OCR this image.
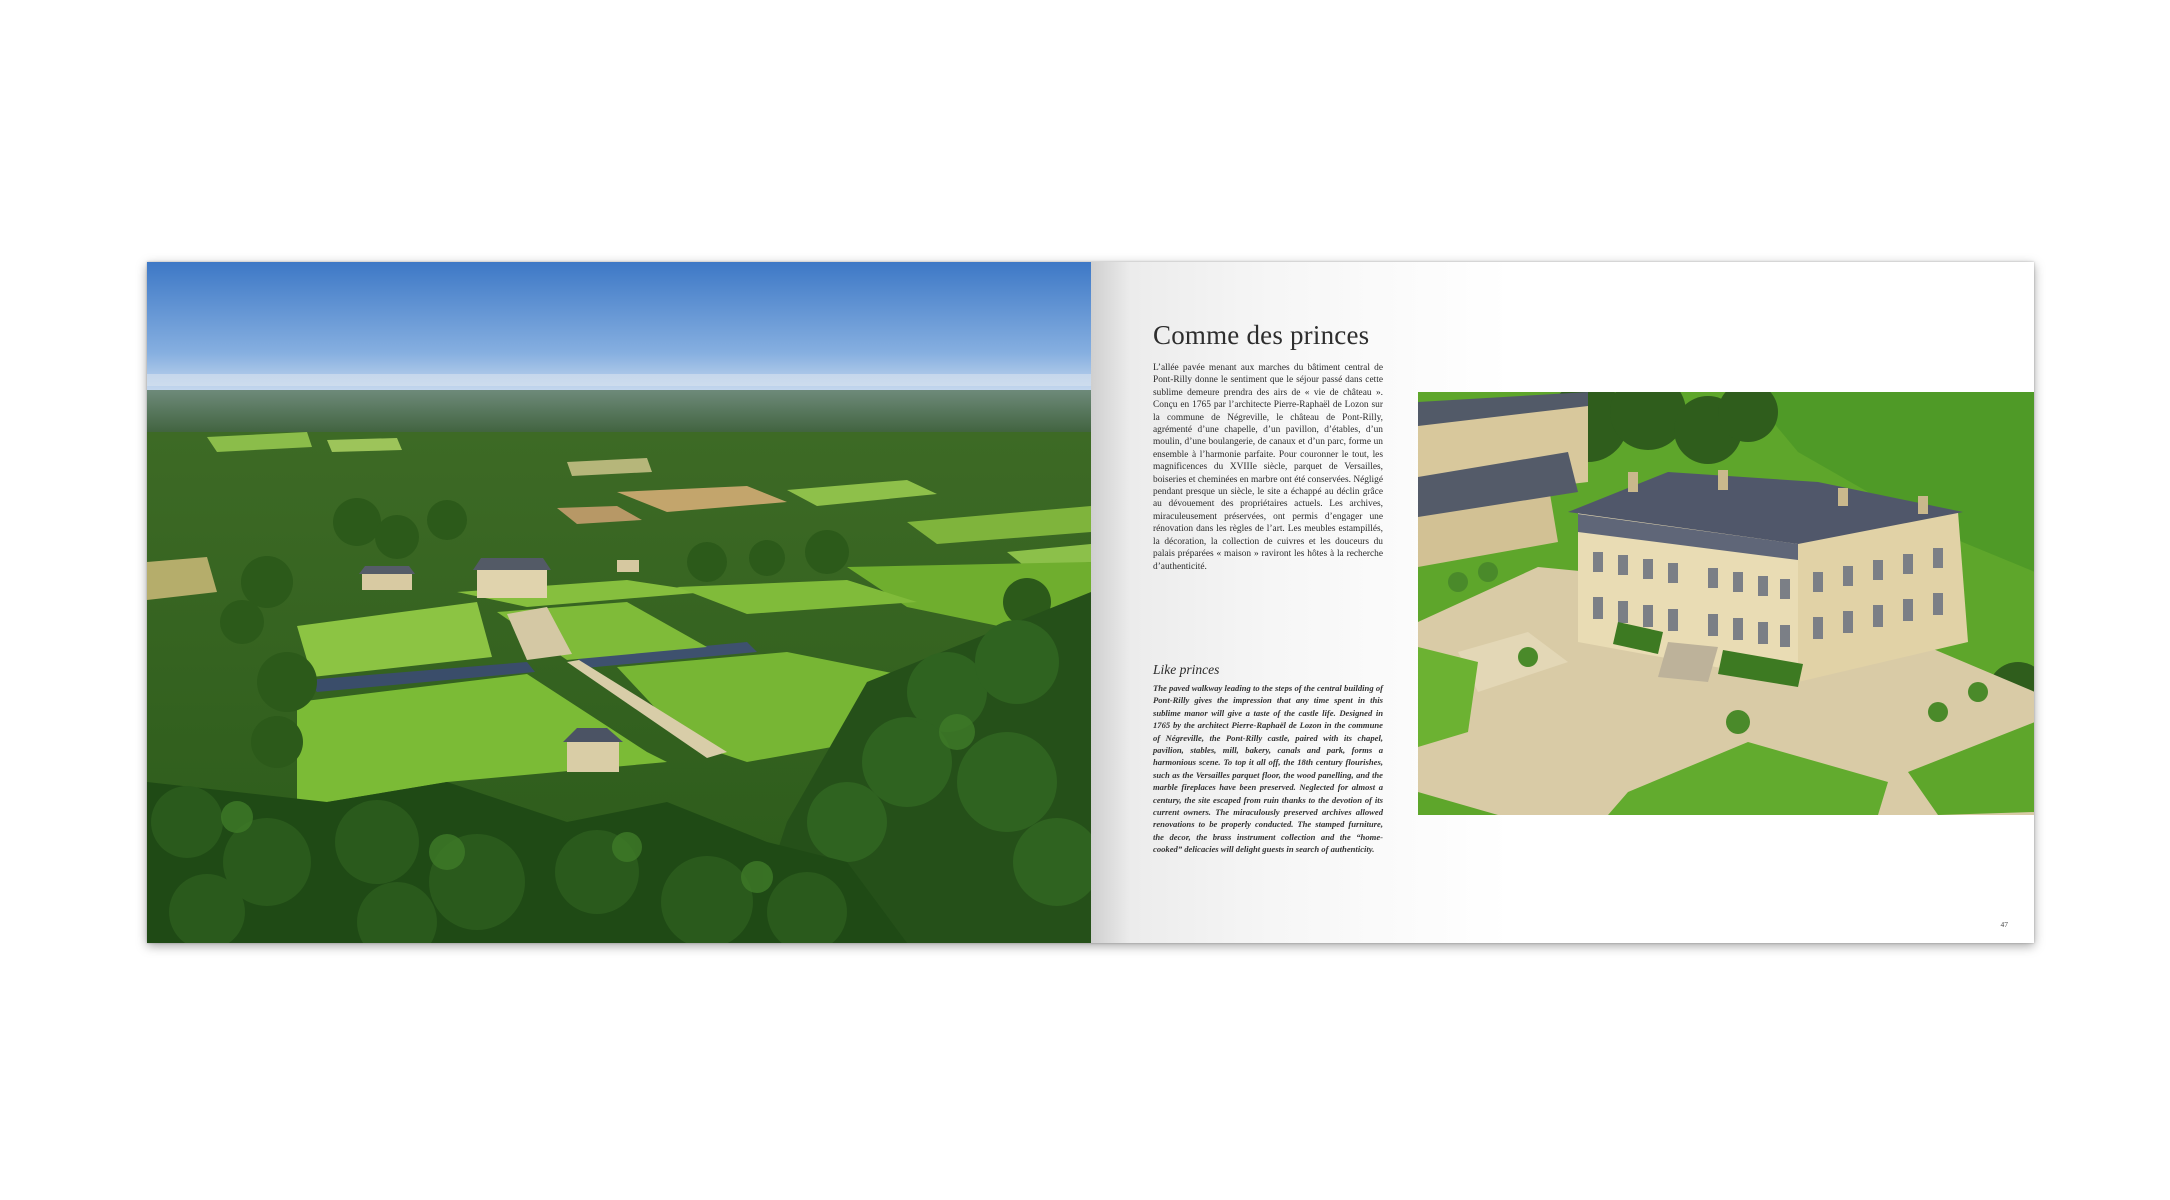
Comme des princes

L’allée pavée menant aux marches du bâtiment central de Pont-Rilly donne le sentiment que le séjour passé dans cette sublime demeure prendra des airs de « vie de château ». Conçu en 1765 par l’architecte Pierre-Raphaël de Lozon sur la commune de Négreville, le château de Pont-Rilly, agrémenté d’une chapelle, d’un pavillon, d’étables, d’un moulin, d’une boulangerie, de canaux et d’un parc, forme un ensemble à l’harmonie parfaite. Pour couronner le tout, les magnificences du XVIIIe siècle, parquet de Versailles, boiseries et cheminées en marbre ont été conservées. Négligé pendant presque un siècle, le site a échappé au déclin grâce au dévouement des propriétaires actuels. Les archives, miraculeusement préservées, ont permis d’engager une rénovation dans les règles de l’art. Les meubles estampillés, la décoration, la collection de cuivres et les douceurs du palais préparées « maison » raviront les hôtes à la recherche d’authenticité.

Like princes

The paved walkway leading to the steps of the central building of Pont-Rilly gives the impression that any time spent in this sublime manor will give a taste of the castle life. Designed in 1765 by the architect Pierre-Raphaël de Lozon in the commune of Négreville, the Pont-Rilly castle, paired with its chapel, pavilion, stables, mill, bakery, canals and park, forms a harmonious scene. To top it all off, the 18th century flourishes, such as the Versailles parquet floor, the wood panelling, and the marble fireplaces have been preserved. Neglected for almost a century, the site escaped from ruin thanks to the devotion of its current owners. The miraculously preserved archives allowed renovations to be properly conducted. The stamped furniture, the decor, the brass instrument collection and the “home-cooked” delicacies will delight guests in search of authenticity.

47
